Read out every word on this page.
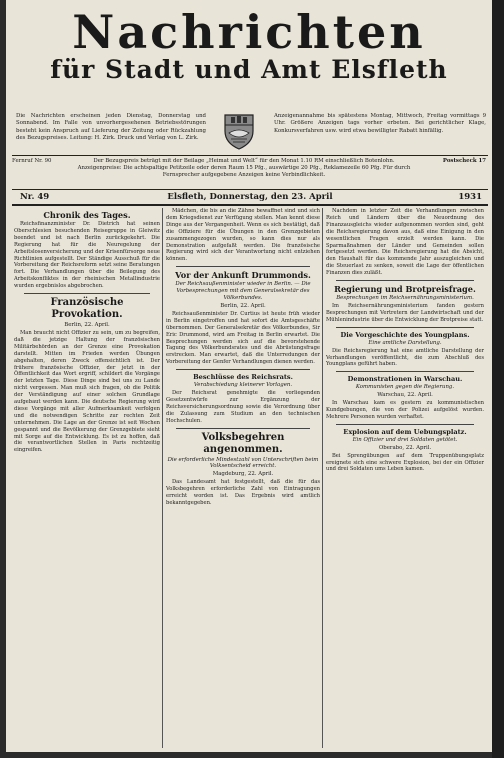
Nachrichten
für Stadt und Amt Elsfleth
Die Nachrichten erscheinen jeden Dienstag, Donnerstag und Sonnabend. Im Falle von unvorhergesehenen Betriebsstörungen besteht kein Anspruch auf Lieferung der Zeitung oder Rückzahlung des Bezugspreises. Leitung: H. Zirk. Druck und Verlag von L. Zirk.
Anzeigenannahme bis spätestens Montag, Mittwoch, Freitag vormittags 9 Uhr. Größere Anzeigen tags vorher erbeten. Bei gerichtlicher Klage, Konkursverfahren usw. wird etwa bewilligter Rabatt hinfällig.
Fernruf Nr. 90	Der Bezugspreis beträgt mit der Beilage „Heimat und Welt“ für den Monat 1.10 RM einschließlich Botenlohn. Anzeigenpreise: Die achtspaltige Petitzeile oder deren Raum 15 Pfg., auswärtige 20 Pfg., Reklamezeile 60 Pfg. Für durch Fernsprecher aufgegebene Anzeigen keine Verbindlichkeit.
Postscheck 17
Nr. 49	Elsfleth, Donnerstag, den 23. April	1931
Chronik des Tages.

Reichsfinanzminister Dr. Dietrich hat seinen Oberschlesien besuchenden Reisegruppe in Gleiwitz beendet und ist nach Berlin zurückgekehrt. Die Regierung hat für die Neuregelung der Arbeitslosenversicherung und der Krisenfürsorge neue Richtlinien aufgestellt. Der Ständige Ausschuß für die Vorbereitung der Reichsreform setzt seine Beratungen fort. Die Verhandlungen über die Beilegung des Arbeitskonfliktes in der rheinischen Metallindustrie wurden ergebnislos abgebrochen.

Französische Provokation.
Berlin, 22. April.

Man braucht nicht Offizier zu sein, um zu begreifen, daß die jetzige Haltung der französischen Militärbehörden an der Grenze eine Provokation darstellt. Mitten im Frieden werden Übungen abgehalten, deren Zweck offensichtlich ist. Der frühere französische Offizier, der jetzt in der Öffentlichkeit das Wort ergriff, schildert die Vorgänge der letzten Tage. Diese Dinge sind bei uns zu Lande nicht vergessen. Man muß sich fragen, ob die Politik der Verständigung auf einer solchen Grundlage aufgebaut werden kann. Die deutsche Regierung wird diese Vorgänge mit aller Aufmerksamkeit verfolgen und die notwendigen Schritte zur rechten Zeit unternehmen. Die Lage an der Grenze ist seit Wochen gespannt und die Bevölkerung der Grenzgebiete sieht mit Sorge auf die Entwicklung. Es ist zu hoffen, daß die verantwortlichen Stellen in Paris rechtzeitig eingreifen.

Mädchen, die bis an die Zähne bewaffnet sind und sich dem Kriegsdienst zur Verfügung stellen. Man kennt diese Dinge aus der Vergangenheit. Wenn es sich bestätigt, daß die Offiziere für die Übungen in den Grenzgebieten zusammengezogen wurden, so kann dies nur als Demonstration aufgefaßt werden. Die französische Regierung wird sich der Verantwortung nicht entziehen können.

Vor der Ankunft Drummonds.
Der Reichsaußenminister wieder in Berlin. — Die Vorbesprechungen mit dem Generalsekretär des Völkerbundes.
Berlin, 22. April.

Reichsaußenminister Dr. Curtius ist heute früh wieder in Berlin eingetroffen und hat sofort die Amtsgeschäfte übernommen. Der Generalsekretär des Völkerbundes, Sir Eric Drummond, wird am Freitag in Berlin erwartet. Die Besprechungen werden sich auf die bevorstehende Tagung des Völkerbundsrates und die Abrüstungsfrage erstrecken. Man erwartet, daß die Unterredungen der Vorbereitung der Genfer Verhandlungen dienen werden.

Beschlüsse des Reichsrats.
Verabschiedung kleinerer Vorlagen.

Der Reichsrat genehmigte die vorliegenden Gesetzentwürfe zur Ergänzung der Reichsversicherungsordnung sowie die Verordnung über die Zulassung zum Studium an den technischen Hochschulen.

Volksbegehren angenommen.
Die erforderliche Mindestzahl von Unterschriften beim Volksentscheid erreicht.
Magdeburg, 22. April.

Das Landesamt hat festgestellt, daß die für das Volksbegehren erforderliche Zahl von Eintragungen erreicht worden ist. Das Ergebnis wird amtlich bekanntgegeben.

Nachdem in letzter Zeit die Verhandlungen zwischen Reich und Ländern über die Neuordnung des Finanzausgleichs wieder aufgenommen worden sind, geht die Reichsregierung davon aus, daß eine Einigung in den wesentlichen Fragen erzielt werden kann. Die Sparmaßnahmen der Länder und Gemeinden sollen fortgesetzt werden. Die Reichsregierung hat die Absicht, den Haushalt für das kommende Jahr auszugleichen und die Steuerlast zu senken, soweit die Lage der öffentlichen Finanzen dies zuläßt.

Regierung und Brotpreisfrage.
Besprechungen im Reichsernährungsministerium.

Im Reichsernährungsministerium fanden gestern Besprechungen mit Vertretern der Landwirtschaft und der Mühlenindustrie über die Entwicklung der Brotpreise statt.

Die Vorgeschichte des Youngplans.
Eine amtliche Darstellung.

Die Reichsregierung hat eine amtliche Darstellung der Verhandlungen veröffentlicht, die zum Abschluß des Youngplans geführt haben.

Demonstrationen in Warschau.
Kommunisten gegen die Regierung.
Warschau, 22. April.

In Warschau kam es gestern zu kommunistischen Kundgebungen, die von der Polizei aufgelöst wurden. Mehrere Personen wurden verhaftet.

Explosion auf dem Uebungsplatz.
Ein Offizier und drei Soldaten getötet.
Oberabo, 22. April.

Bei Sprengübungen auf dem Truppenübungsplatz ereignete sich eine schwere Explosion, bei der ein Offizier und drei Soldaten ums Leben kamen.
